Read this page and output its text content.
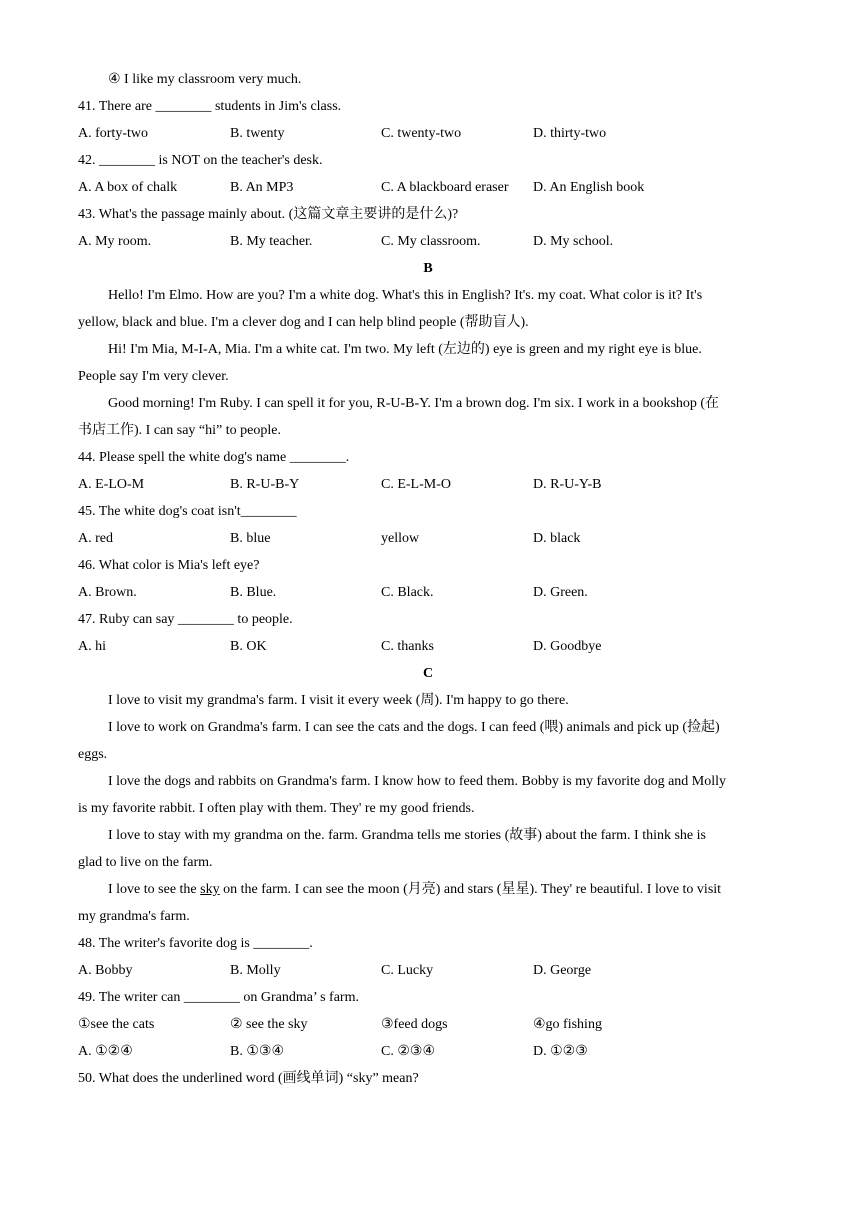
④ I like my classroom very much.
41. There are ________ students in Jim's class.
A. forty-two	B. twenty	C. twenty-two	D. thirty-two
42. ________ is NOT on the teacher's desk.
A. A box of chalk	B. An MP3	C. A blackboard eraser D. An English book
43. What's the passage mainly about. (这篇文章主要讲的是什么)?
A. My room.	B. My teacher.	C. My classroom.	D. My school.
B
Hello! I'm Elmo. How are you? I'm a white dog. What's this in English? It's. my coat. What color is it? It's
yellow, black and blue. I'm a clever dog and I can help blind people (帮助盲人).
Hi! I'm Mia, M-I-A, Mia. I'm a white cat. I'm two. My left (左边的) eye is green and my right eye is blue.
People say I'm very clever.
Good morning! I'm Ruby. I can spell it for you, R-U-B-Y. I'm a brown dog. I'm six. I work in a bookshop (在
书店工作). I can say “hi” to people.
44. Please spell the white dog's name ________.
A. E-LO-M	B. R-U-B-Y	C. E-L-M-O	D. R-U-Y-B
45. The white dog's coat isn't________
A. red	B. blue	yellow	D. black
46. What color is Mia's left eye?
A. Brown.	B. Blue.	C. Black.	D. Green.
47. Ruby can say ________ to people.
A. hi	B. OK	C. thanks	D. Goodbye
C
I love to visit my grandma's farm. I visit it every week (周). I'm happy to go there.
I love to work on Grandma's farm. I can see the cats and the dogs. I can feed (喂) animals and pick up (捡起)
eggs.
I love the dogs and rabbits on Grandma's farm. I know how to feed them. Bobby is my favorite dog and Molly
is my favorite rabbit. I often play with them. They' re my good friends.
I love to stay with my grandma on the. farm. Grandma tells me stories (故事) about the farm. I think she is
glad to live on the farm.
I love to see the sky on the farm. I can see the moon (月亮) and stars (星星). They' re beautiful. I love to visit
my grandma's farm.
48. The writer's favorite dog is ________.
A. Bobby	B. Molly	C. Lucky	D. George
49. The writer can ________ on Grandma’ s farm.
①see the cats	② see the sky	③feed dogs	④go fishing
A. ①②④	B. ①③④	C. ②③④	D. ①②③
50. What does the underlined word (画线单词) “sky” mean?
